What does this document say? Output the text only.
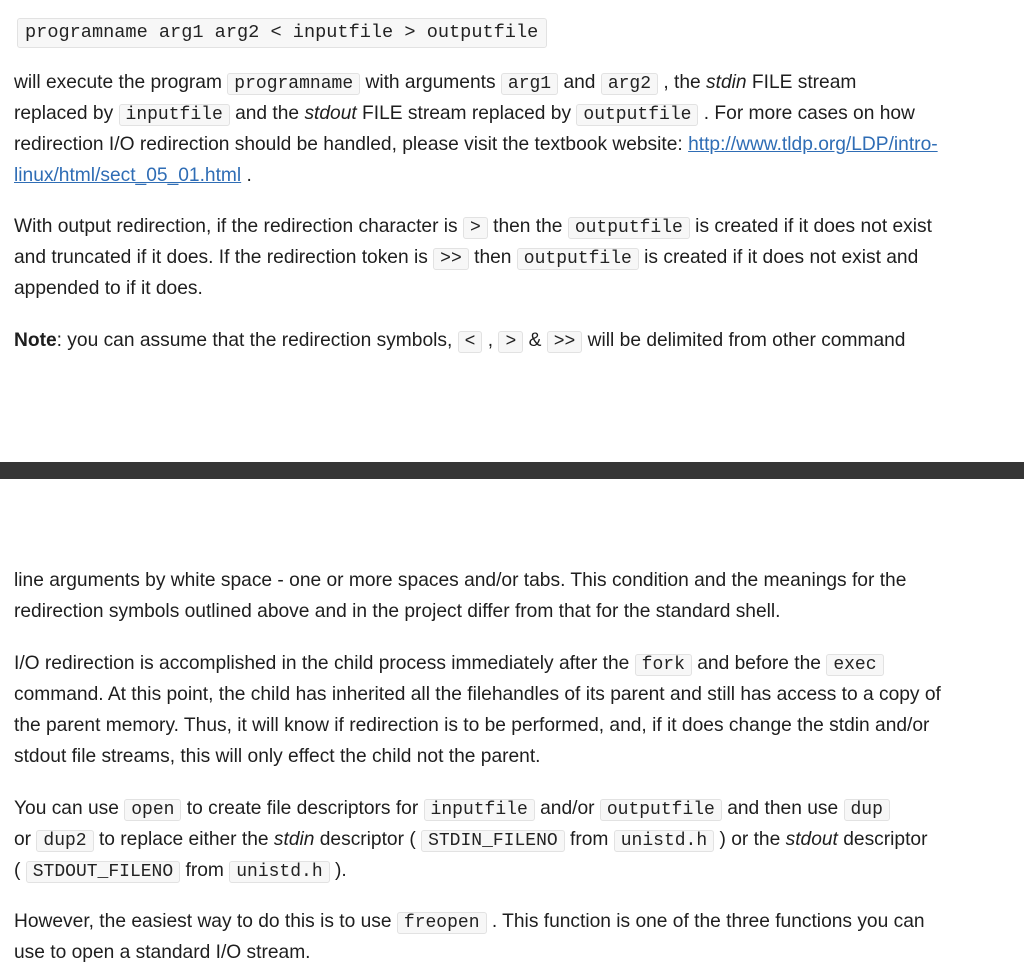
programname arg1 arg2 < inputfile > outputfile
will execute the program programname with arguments arg1 and arg2 , the stdin FILE stream
replaced by inputfile and the stdout FILE stream replaced by outputfile . For more cases on how
redirection I/O redirection should be handled, please visit the textbook website: http://www.tldp.org/LDP/intro-
linux/html/sect_05_01.html .
With output redirection, if the redirection character is > then the outputfile is created if it does not exist
and truncated if it does. If the redirection token is >> then outputfile is created if it does not exist and
appended to if it does.
Note: you can assume that the redirection symbols, < , > & >> will be delimited from other command
line arguments by white space - one or more spaces and/or tabs. This condition and the meanings for the
redirection symbols outlined above and in the project differ from that for the standard shell.
I/O redirection is accomplished in the child process immediately after the fork and before the exec
command. At this point, the child has inherited all the filehandles of its parent and still has access to a copy of
the parent memory. Thus, it will know if redirection is to be performed, and, if it does change the stdin and/or
stdout file streams, this will only effect the child not the parent.
You can use open to create file descriptors for inputfile and/or outputfile and then use dup
or dup2 to replace either the stdin descriptor ( STDIN_FILENO from unistd.h ) or the stdout descriptor
( STDOUT_FILENO from unistd.h ).
However, the easiest way to do this is to use freopen . This function is one of the three functions you can
use to open a standard I/O stream.
